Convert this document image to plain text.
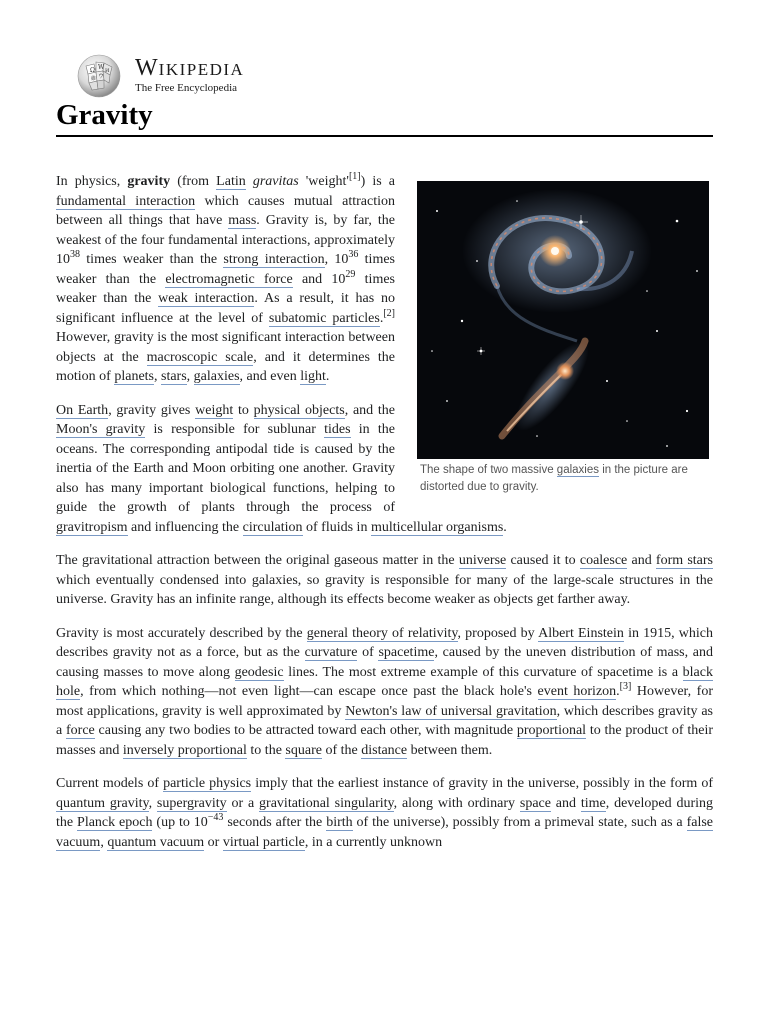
Ω W И
維 ウ WIKIPEDIA
The Free Encyclopedia
Gravity
The shape of two massive galaxies in the picture are distorted due to gravity.

In physics, gravity (from Latin gravitas 'weight'[1]) is a fundamental interaction which causes mutual attraction between all things that have mass. Gravity is, by far, the weakest of the four fundamental interactions, approximately $10^{38}$ times weaker than the strong interaction, $10^{36}$ times weaker than the electromagnetic force and $10^{29}$ times weaker than the weak interaction. As a result, it has no significant influence at the level of subatomic particles.[2] However, gravity is the most significant interaction between objects at the macroscopic scale, and it determines the motion of planets, stars, galaxies, and even light.

On Earth, gravity gives weight to physical objects, and the Moon's gravity is responsible for sublunar tides in the oceans. The corresponding antipodal tide is caused by the inertia of the Earth and Moon orbiting one another. Gravity also has many important biological functions, helping to guide the growth of plants through the process of gravitropism and influencing the circulation of fluids in multicellular organisms.

The gravitational attraction between the original gaseous matter in the universe caused it to coalesce and form stars which eventually condensed into galaxies, so gravity is responsible for many of the large-scale structures in the universe. Gravity has an infinite range, although its effects become weaker as objects get farther away.

Gravity is most accurately described by the general theory of relativity, proposed by Albert Einstein in 1915, which describes gravity not as a force, but as the curvature of spacetime, caused by the uneven distribution of mass, and causing masses to move along geodesic lines. The most extreme example of this curvature of spacetime is a black hole, from which nothing—not even light—can escape once past the black hole's event horizon.[3] However, for most applications, gravity is well approximated by Newton's law of universal gravitation, which describes gravity as a force causing any two bodies to be attracted toward each other, with magnitude proportional to the product of their masses and inversely proportional to the square of the distance between them.

Current models of particle physics imply that the earliest instance of gravity in the universe, possibly in the form of quantum gravity, supergravity or a gravitational singularity, along with ordinary space and time, developed during the Planck epoch (up to $10^{-43}$ seconds after the birth of the universe), possibly from a primeval state, such as a false vacuum, quantum vacuum or virtual particle, in a currently unknown
